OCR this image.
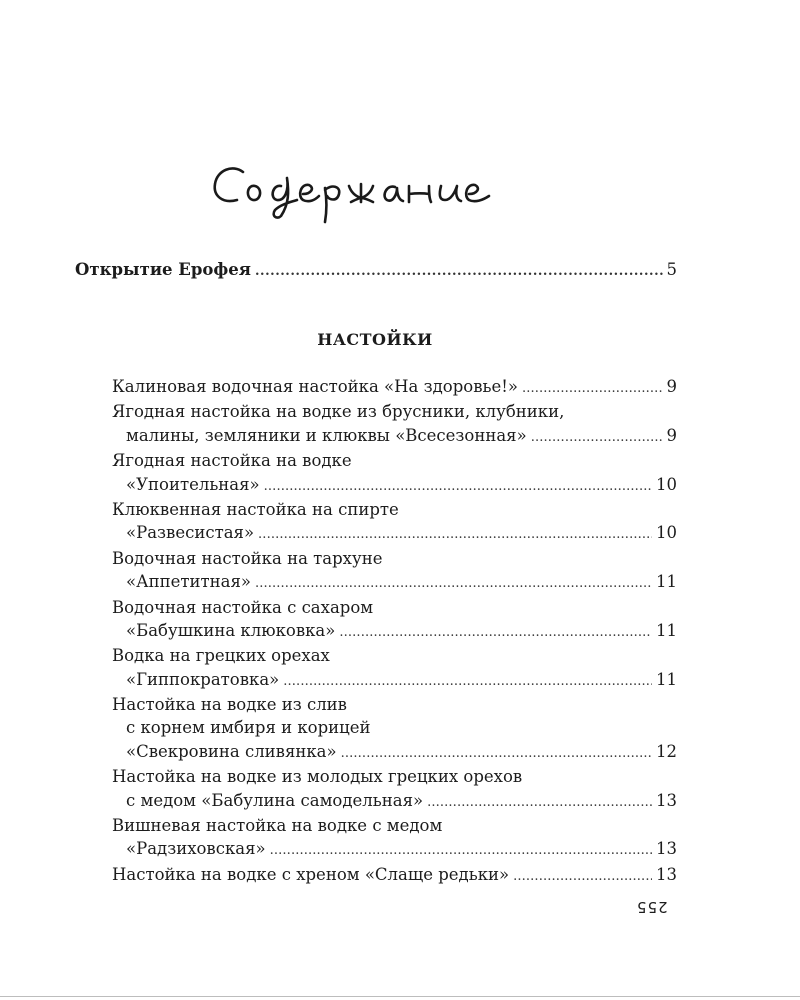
Открытие Ерофея . . .	5
НАСТОЙКИ
Калиновая водочная настойка «На здоровье!» . . .	9
Ягодная настойка на водке из брусники, клубники,
малины, земляники и клюквы «Всесезонная» . . .	9
Ягодная настойка на водке
«Упоительная» . . .	10
Клюквенная настойка на спирте
«Развесистая» . . .	10
Водочная настойка на тархуне
«Аппетитная» . . .	11
Водочная настойка с сахаром
«Бабушкина клюковка» . . .	11
Водка на грецких орехах
«Гиппократовка» . . .	11
Настойка на водке из слив
с корнем имбиря и корицей
«Свекровина сливянка» . . .	12
Настойка на водке из молодых грецких орехов
с медом «Бабулина самодельная» . . .	13
Вишневая настойка на водке с медом
«Радзиховская» . . .	13
Настойка на водке с хреном «Слаще редьки» . . .	13
255
